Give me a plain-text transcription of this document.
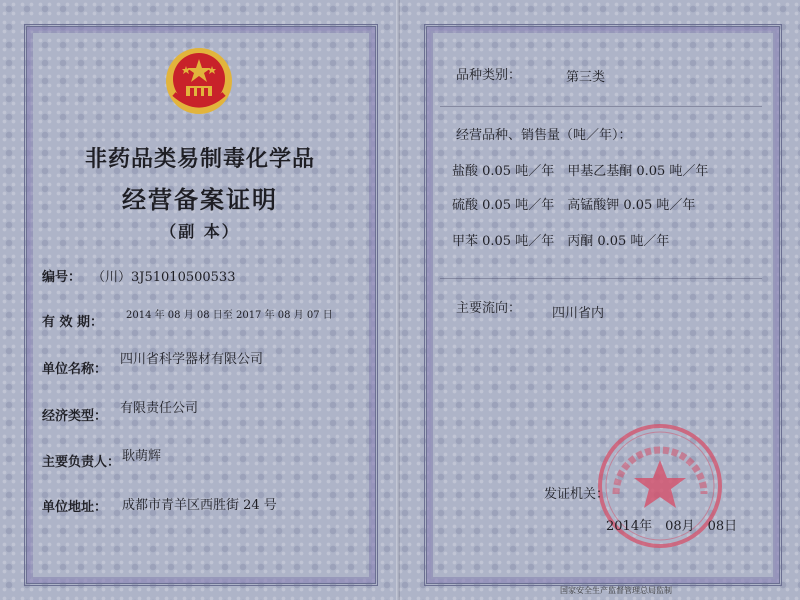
非药品类易制毒化学品
经营备案证明
（副 本）
编号： （川）3J51010500533
有 效 期： 2014 年 08 月 08 日至 2017 年 08 月 07 日
单位名称：
四川省科学器材有限公司
经济类型：
有限责任公司
主要负责人： 耿萌辉
单位地址： 成都市青羊区西胜街 24 号
品种类别：	第三类
经营品种、销售量（吨／年）：
盐酸 0.05 吨／年　甲基乙基酮 0.05 吨／年
硫酸 0.05 吨／年　高锰酸钾 0.05 吨／年
甲苯 0.05 吨／年　丙酮 0.05 吨／年
主要流向： 四川省内
发证机关：
2014年　08月　08日
国家安全生产监督管理总局监制
